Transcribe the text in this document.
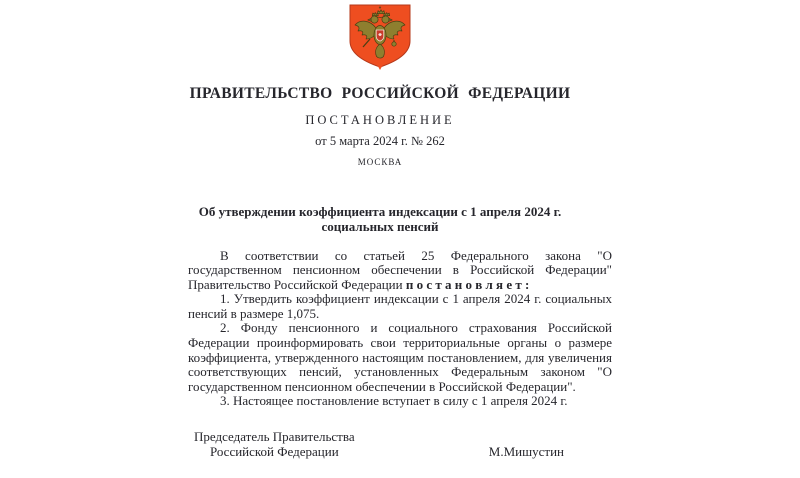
ПРАВИТЕЛЬСТВО РОССИЙСКОЙ ФЕДЕРАЦИИ
ПОСТАНОВЛЕНИЕ
от 5 марта 2024 г. № 262
МОСКВА
Об утверждении коэффициента индексации с 1 апреля 2024 г.
социальных пенсий

В соответствии со статьей 25 Федерального закона "О государственном пенсионном обеспечении в Российской Федерации" Правительство Российской Федерации п о с т а н о в л я е т :

1. Утвердить коэффициент индексации с 1 апреля 2024 г. социальных пенсий в размере 1,075.

2. Фонду пенсионного и социального страхования Российской Федерации проинформировать свои территориальные органы о размере коэффициента, утвержденного настоящим постановлением, для увеличения соответствующих пенсий, установленных Федеральным законом "О государственном пенсионном обеспечении в Российской Федерации".

3. Настоящее постановление вступает в силу с 1 апреля 2024 г.

Председатель Правительства
Российской Федерации	М.Мишустин
